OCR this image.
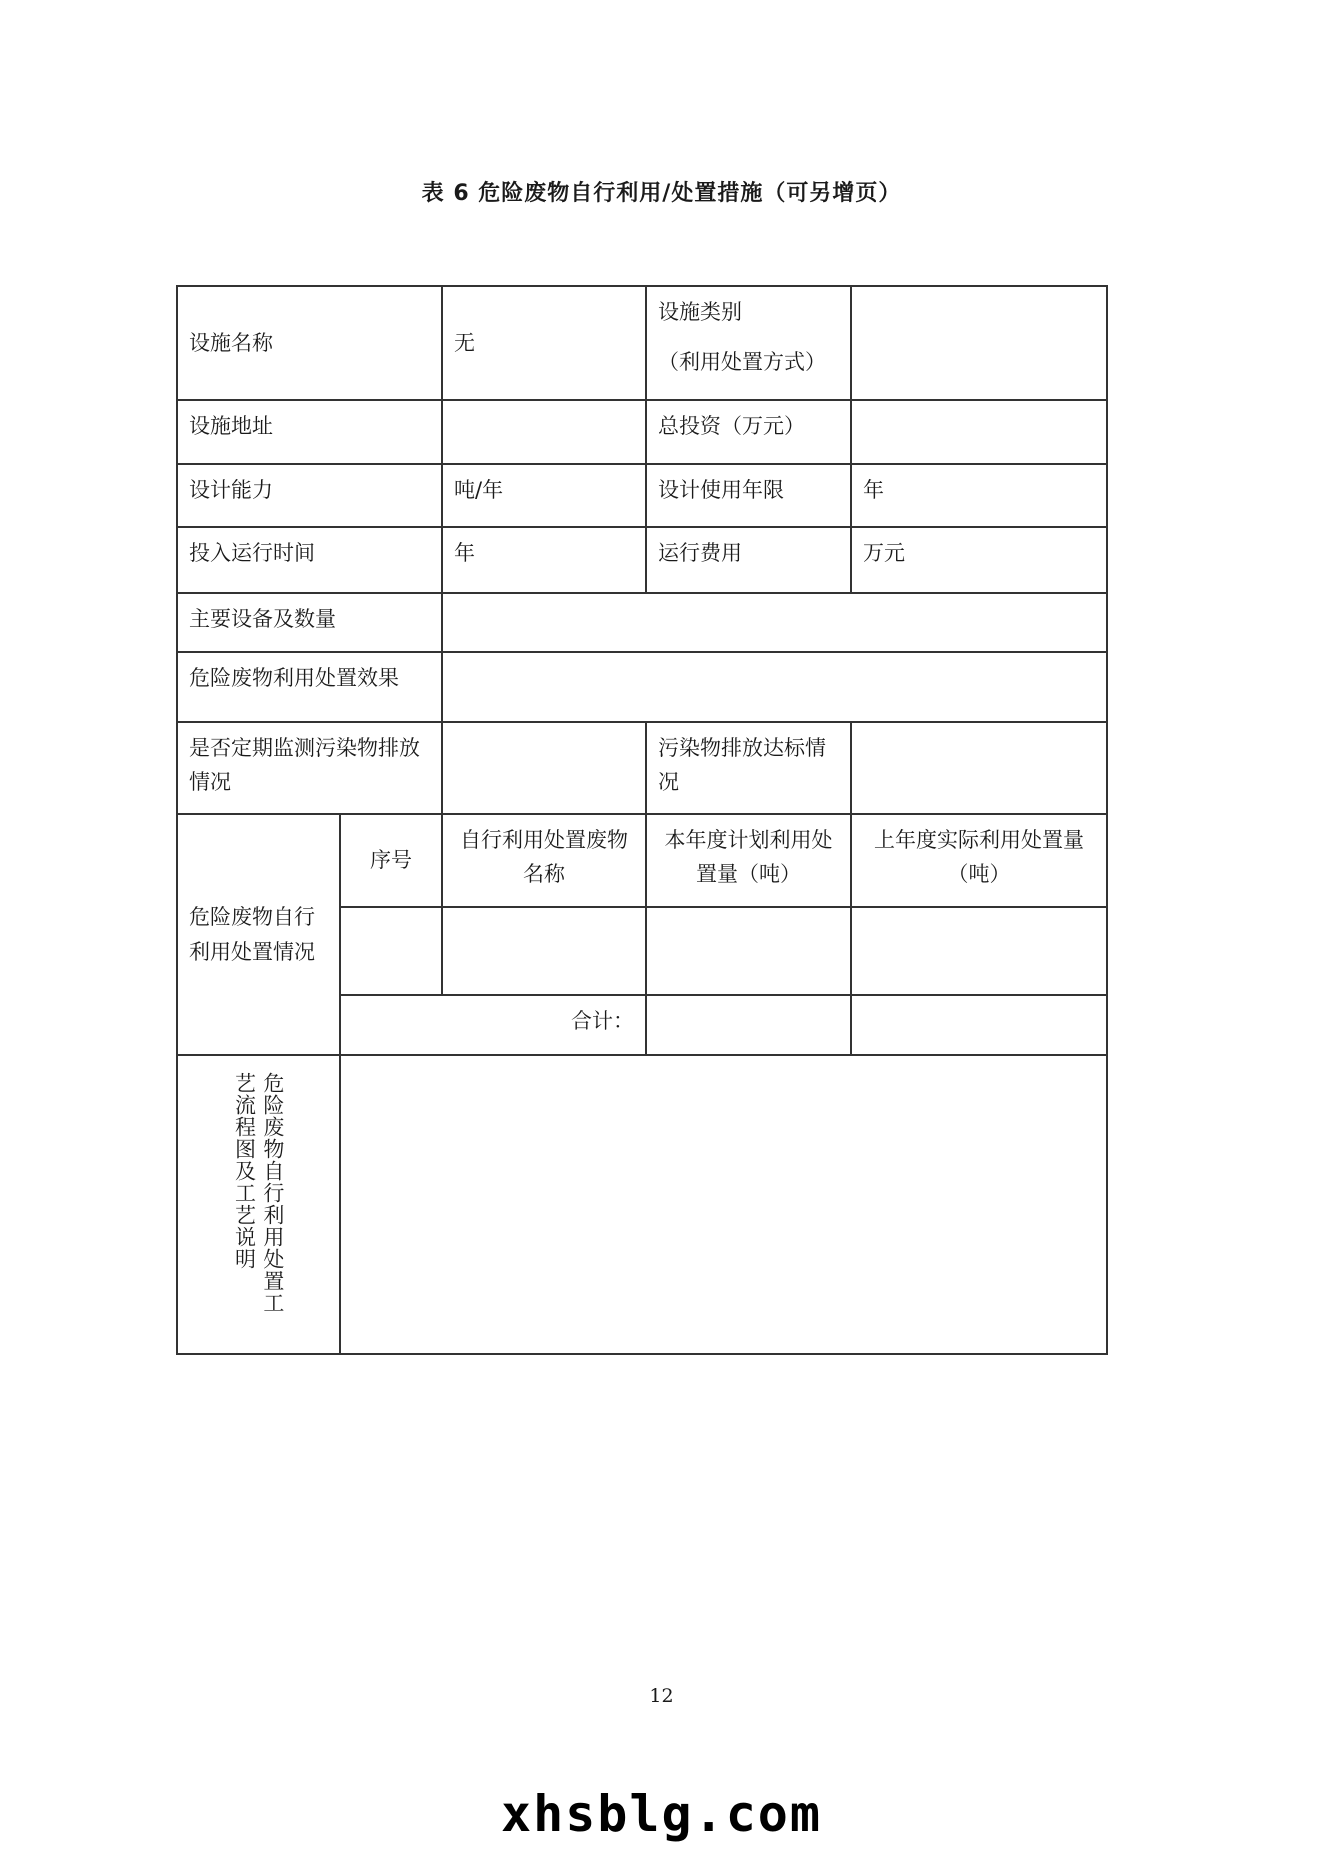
表 6 危险废物自行利用/处置措施（可另增页）
设施名称		无	设施类别
（利用处置方式）	

设施地址			总投资（万元）	
设计能力		吨/年	设计使用年限	年
投入运行时间		年	运行费用	万元
主要设备及数量				
危险废物利用处置效果				
是否定期监测污染物排放情况			污染物排放达标情况	
危险废物自行利用处置情况	序号	自行利用处置废物名称	本年度计划利用处置量（吨）	上年度实际利用处置量（吨）

	合计：			

危险废物自行利用处置工艺流程图及工艺说明				

12
xhsblg.com
